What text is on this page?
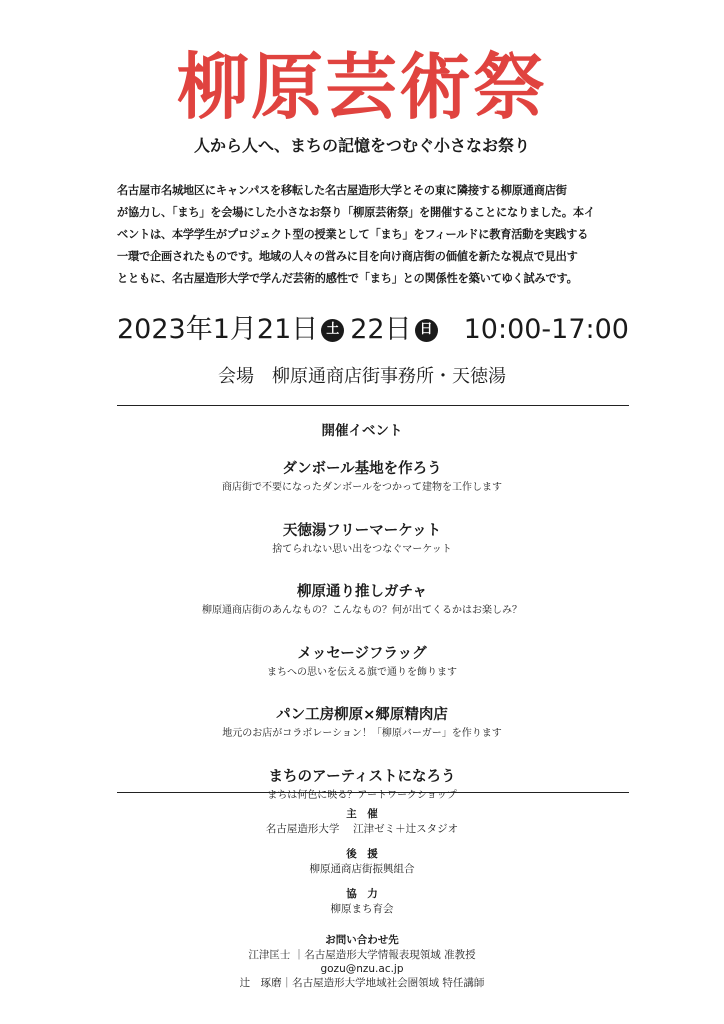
柳原芸術祭
人から人へ、まちの記憶をつむぐ小さなお祭り

名古屋市名城地区にキャンパスを移転した名古屋造形大学とその東に隣接する柳原通商店街

が協力し、「まち」を会場にした小さなお祭り「柳原芸術祭」を開催することになりました。本イ

ベントは、本学学生がプロジェクト型の授業として「まち」をフィールドに教育活動を実践する

一環で企画されたものです。地域の人々の営みに目を向け商店街の価値を新たな視点で見出す

とともに、名古屋造形大学で学んだ芸術的感性で「まち」との関係性を築いてゆく試みです。

2023年1月21日 土 22日 日 10:00-17:00
会場　柳原通商店街事務所・天徳湯
開催イベント
ダンボール基地を作ろう
商店街で不要になったダンボールをつかって建物を工作します
天徳湯フリーマーケット
捨てられない思い出をつなぐマーケット
柳原通り推しガチャ
柳原通商店街のあんなもの？こんなもの？何が出てくるかはお楽しみ？
メッセージフラッグ
まちへの思いを伝える旗で通りを飾ります
パン工房柳原×郷原精肉店
地元のお店がコラボレーション！「柳原バーガー」を作ります
まちのアーティストになろう
まちは何色に映る？アートワークショップ
主　催
名古屋造形大学　 江津ゼミ＋辻スタジオ
後　援
柳原通商店街振興組合
協　力
柳原まち育会
お問い合わせ先
江津匡士 ｜名古屋造形大学情報表現領域 准教授
gozu@nzu.ac.jp
辻　琢磨｜名古屋造形大学地域社会圏領域 特任講師
